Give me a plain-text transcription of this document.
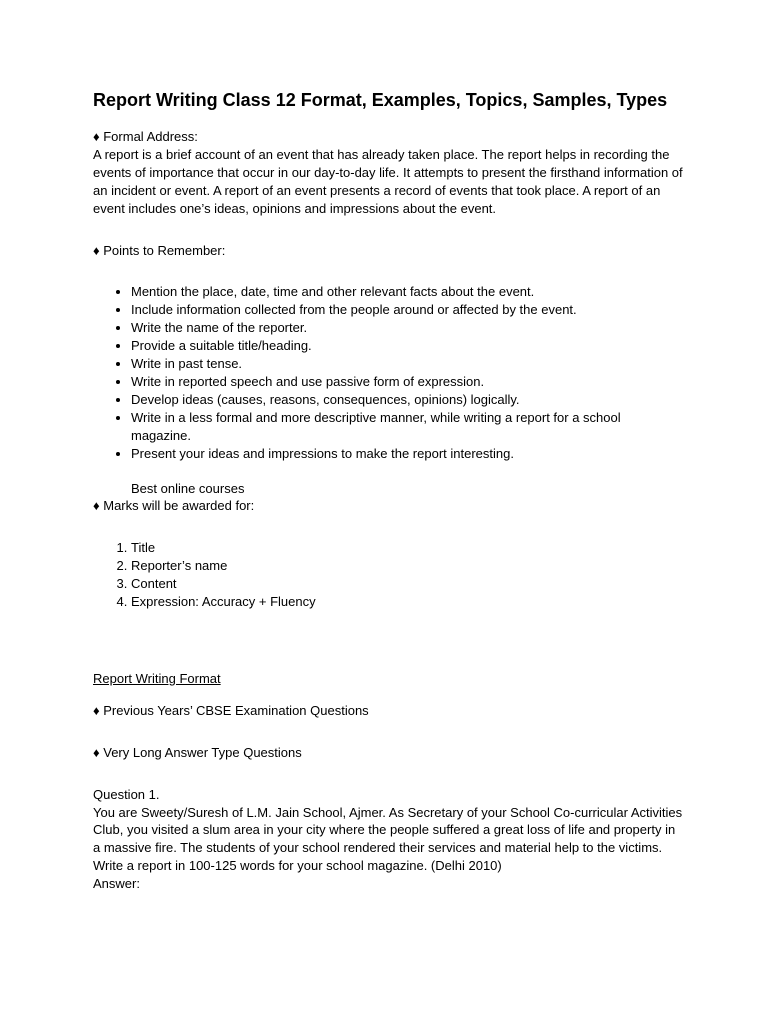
Report Writing Class 12 Format, Examples, Topics, Samples, Types

♦ Formal Address:

A report is a brief account of an event that has already taken place. The report helps in recording the events of importance that occur in our day-to-day life. It attempts to present the firsthand information of an incident or event. A report of an event presents a record of events that took place. A report of an event includes one’s ideas, opinions and impressions about the event.

♦ Points to Remember:

• Mention the place, date, time and other relevant facts about the event.
• Include information collected from the people around or affected by the event.
• Write the name of the reporter.
• Provide a suitable title/heading.
• Write in past tense.
• Write in reported speech and use passive form of expression.
• Develop ideas (causes, reasons, consequences, opinions) logically.
• Write in a less formal and more descriptive manner, while writing a report for a school magazine.
• Present your ideas and impressions to make the report interesting.

Best online courses

♦ Marks will be awarded for:

1. Title
2. Reporter’s name
3. Content
4. Expression: Accuracy + Fluency

Report Writing Format

♦ Previous Years’ CBSE Examination Questions

♦ Very Long Answer Type Questions

Question 1.

You are Sweety/Suresh of L.M. Jain School, Ajmer. As Secretary of your School Co-curricular Activities Club, you visited a slum area in your city where the people suffered a great loss of life and property in a massive fire. The students of your school rendered their services and material help to the victims. Write a report in 100-125 words for your school magazine. (Delhi 2010)

Answer:
